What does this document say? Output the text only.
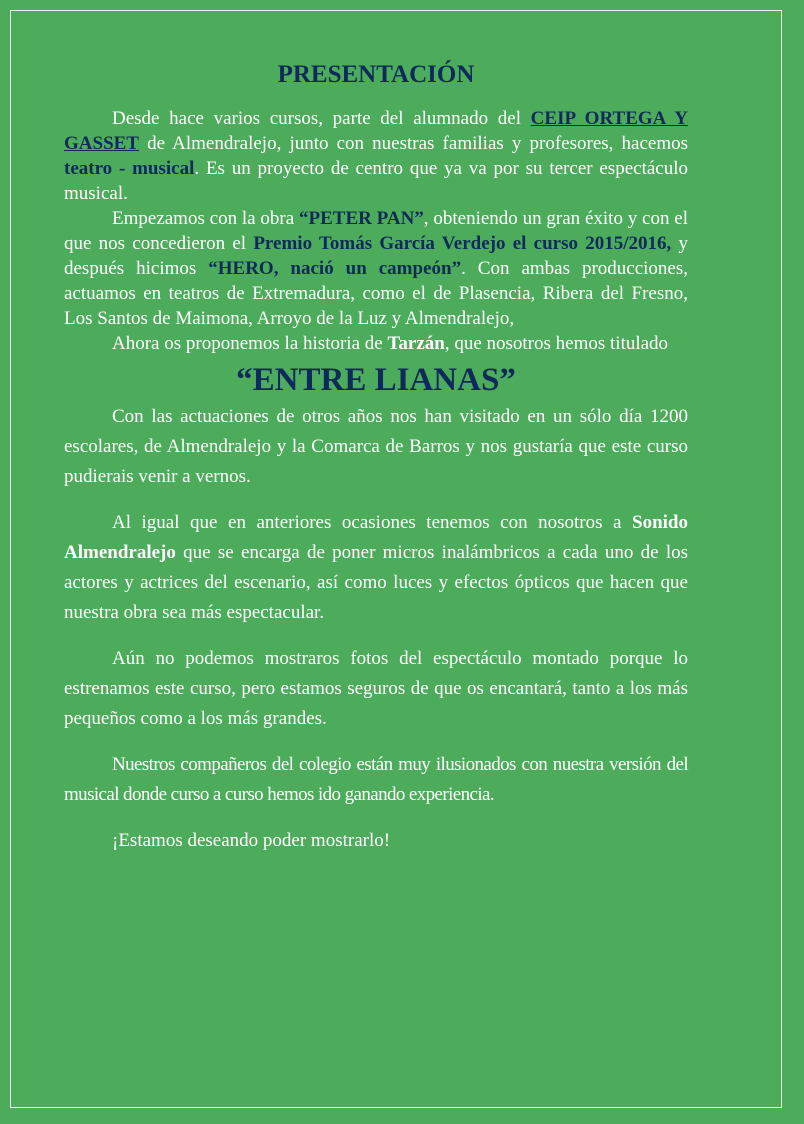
PRESENTACIÓN

Desde hace varios cursos, parte del alumnado del CEIP ORTEGA Y GASSET de Almendralejo, junto con nuestras familias y profesores, hacemos teatro - musical. Es un proyecto de centro que ya va por su tercer espectáculo musical.

Empezamos con la obra “PETER PAN”, obteniendo un gran éxito y con el que nos concedieron el Premio Tomás García Verdejo el curso 2015/2016, y después hicimos “HERO, nació un campeón”. Con ambas producciones, actuamos en teatros de Extremadura, como el de Plasencia, Ribera del Fresno, Los Santos de Maimona, Arroyo de la Luz y Almendralejo,

Ahora os proponemos la historia de Tarzán, que nosotros hemos titulado

“ENTRE LIANAS”

Con las actuaciones de otros años nos han visitado en un sólo día 1200 escolares, de Almendralejo y la Comarca de Barros y nos gustaría que este curso pudierais venir a vernos.

Al igual que en anteriores ocasiones tenemos con nosotros a Sonido Almendralejo que se encarga de poner micros inalámbricos a cada uno de los actores y actrices del escenario, así como luces y efectos ópticos que hacen que nuestra obra sea más espectacular.

Aún no podemos mostraros fotos del espectáculo montado porque lo estrenamos este curso, pero estamos seguros de que os encantará, tanto a los más pequeños como a los más grandes.

Nuestros compañeros del colegio están muy ilusionados con nuestra versión del musical donde curso a curso hemos ido ganando experiencia.

¡Estamos deseando poder mostrarlo!
